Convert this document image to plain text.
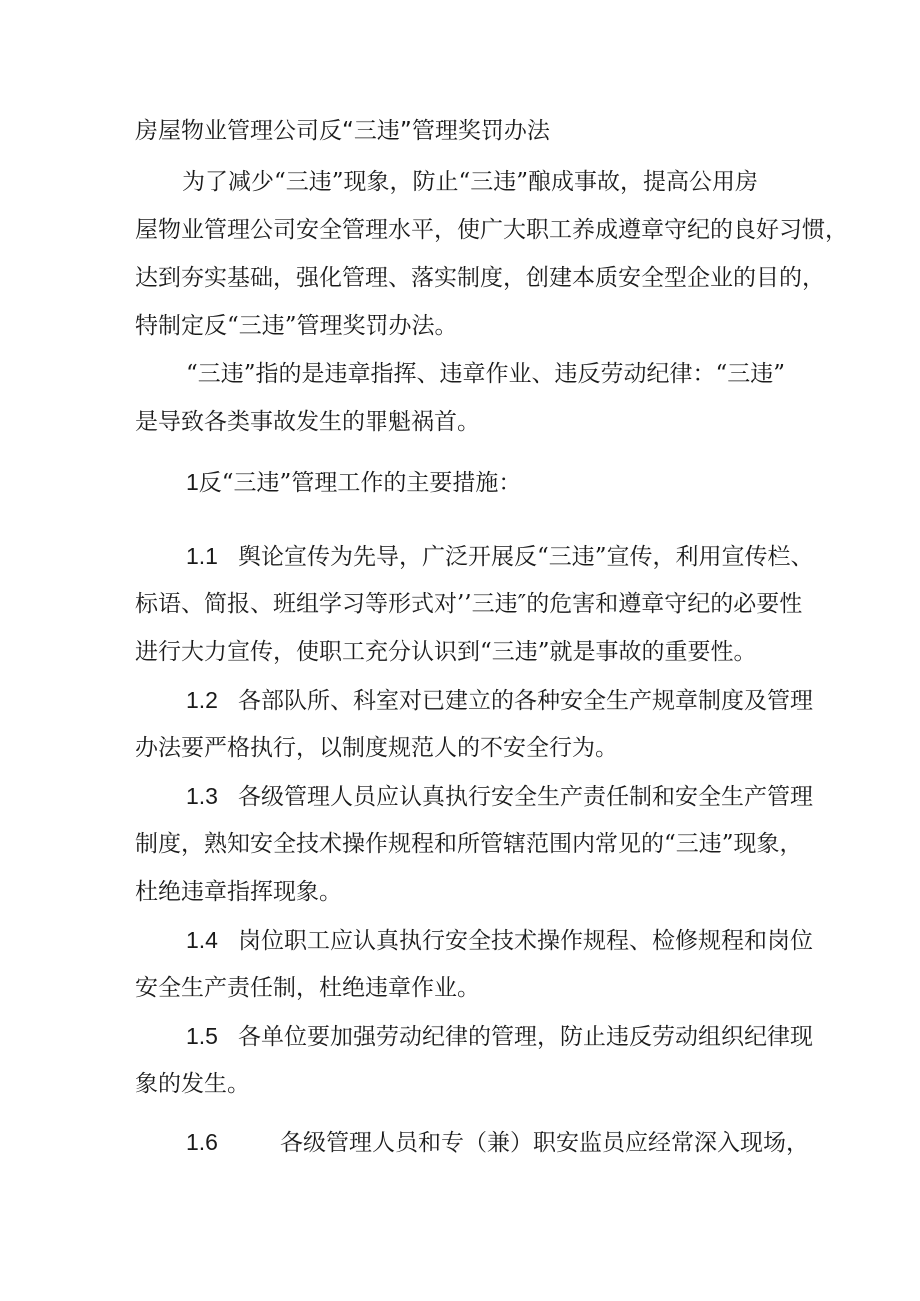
房屋物业管理公司反“三违”管理奖罚办法
为了减少“三违”现象，防止“三违”酿成事故，提高公用房
屋物业管理公司安全管理水平，使广大职工养成遵章守纪的良好习惯，
达到夯实基础，强化管理、落实制度，创建本质安全型企业的目的，
特制定反“三违”管理奖罚办法。
“三违”指的是违章指挥、违章作业、违反劳动纪律：“三违”
是导致各类事故发生的罪魁祸首。
1反“三违”管理工作的主要措施：
1.1 舆论宣传为先导，广泛开展反“三违”宣传，利用宣传栏、
标语、简报、班组学习等形式对’’三违″的危害和遵章守纪的必要性
进行大力宣传，使职工充分认识到“三违”就是事故的重要性。
1.2 各部队所、科室对已建立的各种安全生产规章制度及管理
办法要严格执行，以制度规范人的不安全行为。
1.3 各级管理人员应认真执行安全生产责任制和安全生产管理
制度，熟知安全技术操作规程和所管辖范围内常见的“三违”现象，
杜绝违章指挥现象。
1.4 岗位职工应认真执行安全技术操作规程、检修规程和岗位
安全生产责任制，杜绝违章作业。
1.5 各单位要加强劳动纪律的管理，防止违反劳动组织纪律现
象的发生。
1.6	各级管理人员和专（兼）职安监员应经常深入现场，
